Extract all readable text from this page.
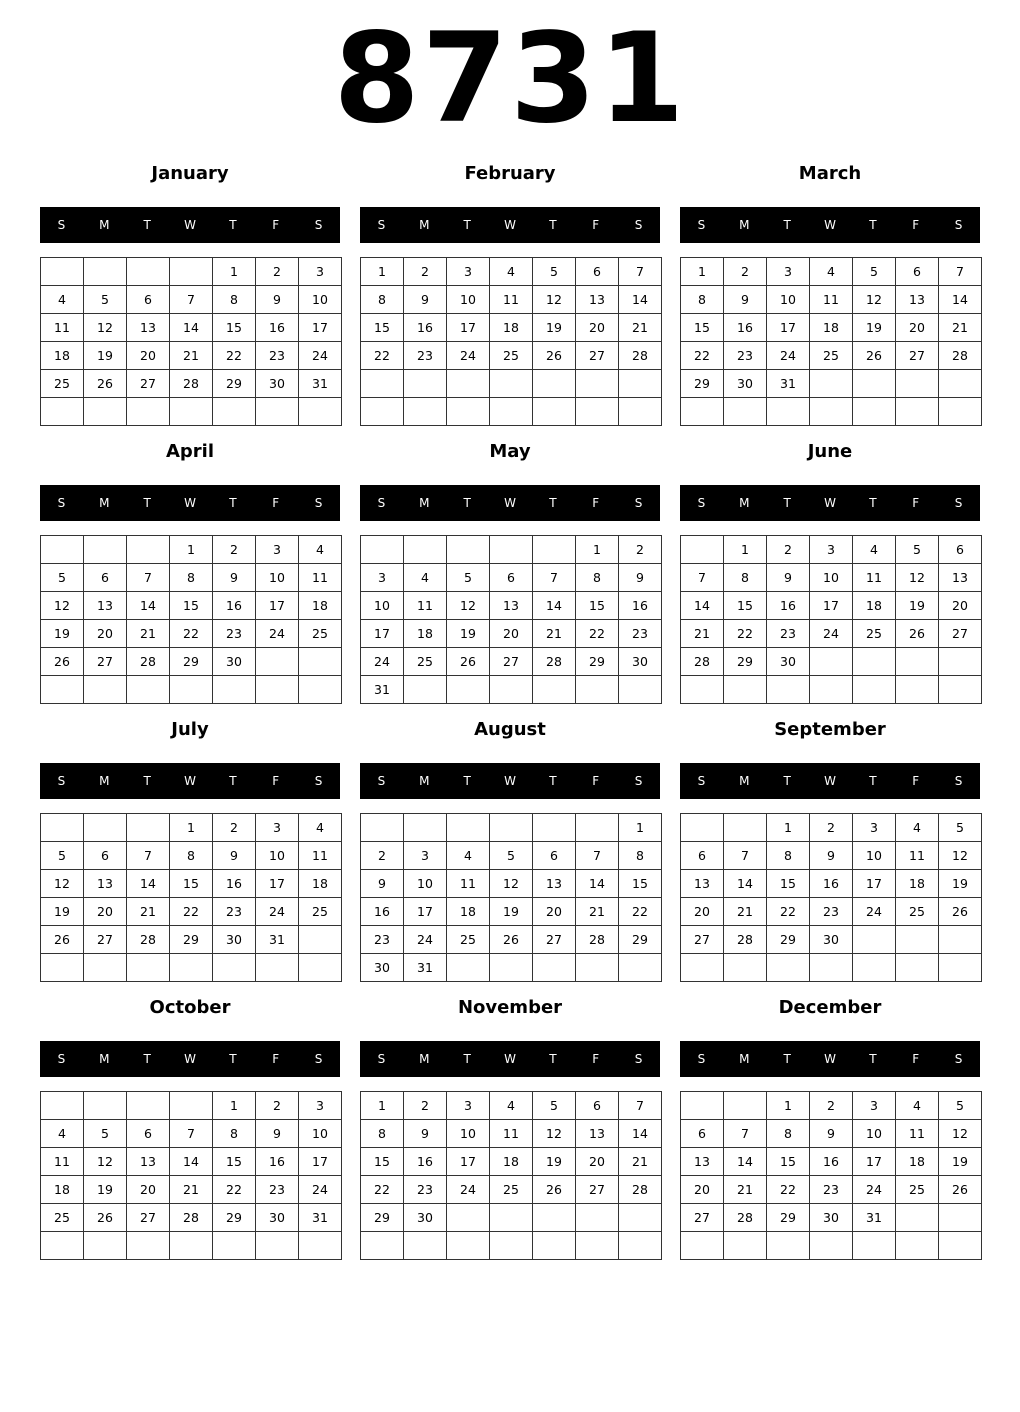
8731
January
S	M	T	W	T	F	S
				1	2	3
4	5	6	7	8	9	10
11	12	13	14	15	16	17
18	19	20	21	22	23	24
25	26	27	28	29	30	31

February
S	M	T	W	T	F	S
1	2	3	4	5	6	7
8	9	10	11	12	13	14
15	16	17	18	19	20	21
22	23	24	25	26	27	28

March
S	M	T	W	T	F	S
1	2	3	4	5	6	7
8	9	10	11	12	13	14
15	16	17	18	19	20	21
22	23	24	25	26	27	28
29	30	31				

April
S	M	T	W	T	F	S
			1	2	3	4
5	6	7	8	9	10	11
12	13	14	15	16	17	18
19	20	21	22	23	24	25
26	27	28	29	30		

May
S	M	T	W	T	F	S
					1	2
3	4	5	6	7	8	9
10	11	12	13	14	15	16
17	18	19	20	21	22	23
24	25	26	27	28	29	30
31						
June
S	M	T	W	T	F	S
	1	2	3	4	5	6
7	8	9	10	11	12	13
14	15	16	17	18	19	20
21	22	23	24	25	26	27
28	29	30				

July
S	M	T	W	T	F	S
			1	2	3	4
5	6	7	8	9	10	11
12	13	14	15	16	17	18
19	20	21	22	23	24	25
26	27	28	29	30	31	

August
S	M	T	W	T	F	S
						1
2	3	4	5	6	7	8
9	10	11	12	13	14	15
16	17	18	19	20	21	22
23	24	25	26	27	28	29
30	31					
September
S	M	T	W	T	F	S
		1	2	3	4	5
6	7	8	9	10	11	12
13	14	15	16	17	18	19
20	21	22	23	24	25	26
27	28	29	30			

October
S	M	T	W	T	F	S
				1	2	3
4	5	6	7	8	9	10
11	12	13	14	15	16	17
18	19	20	21	22	23	24
25	26	27	28	29	30	31

November
S	M	T	W	T	F	S
1	2	3	4	5	6	7
8	9	10	11	12	13	14
15	16	17	18	19	20	21
22	23	24	25	26	27	28
29	30					

December
S	M	T	W	T	F	S
		1	2	3	4	5
6	7	8	9	10	11	12
13	14	15	16	17	18	19
20	21	22	23	24	25	26
27	28	29	30	31		
